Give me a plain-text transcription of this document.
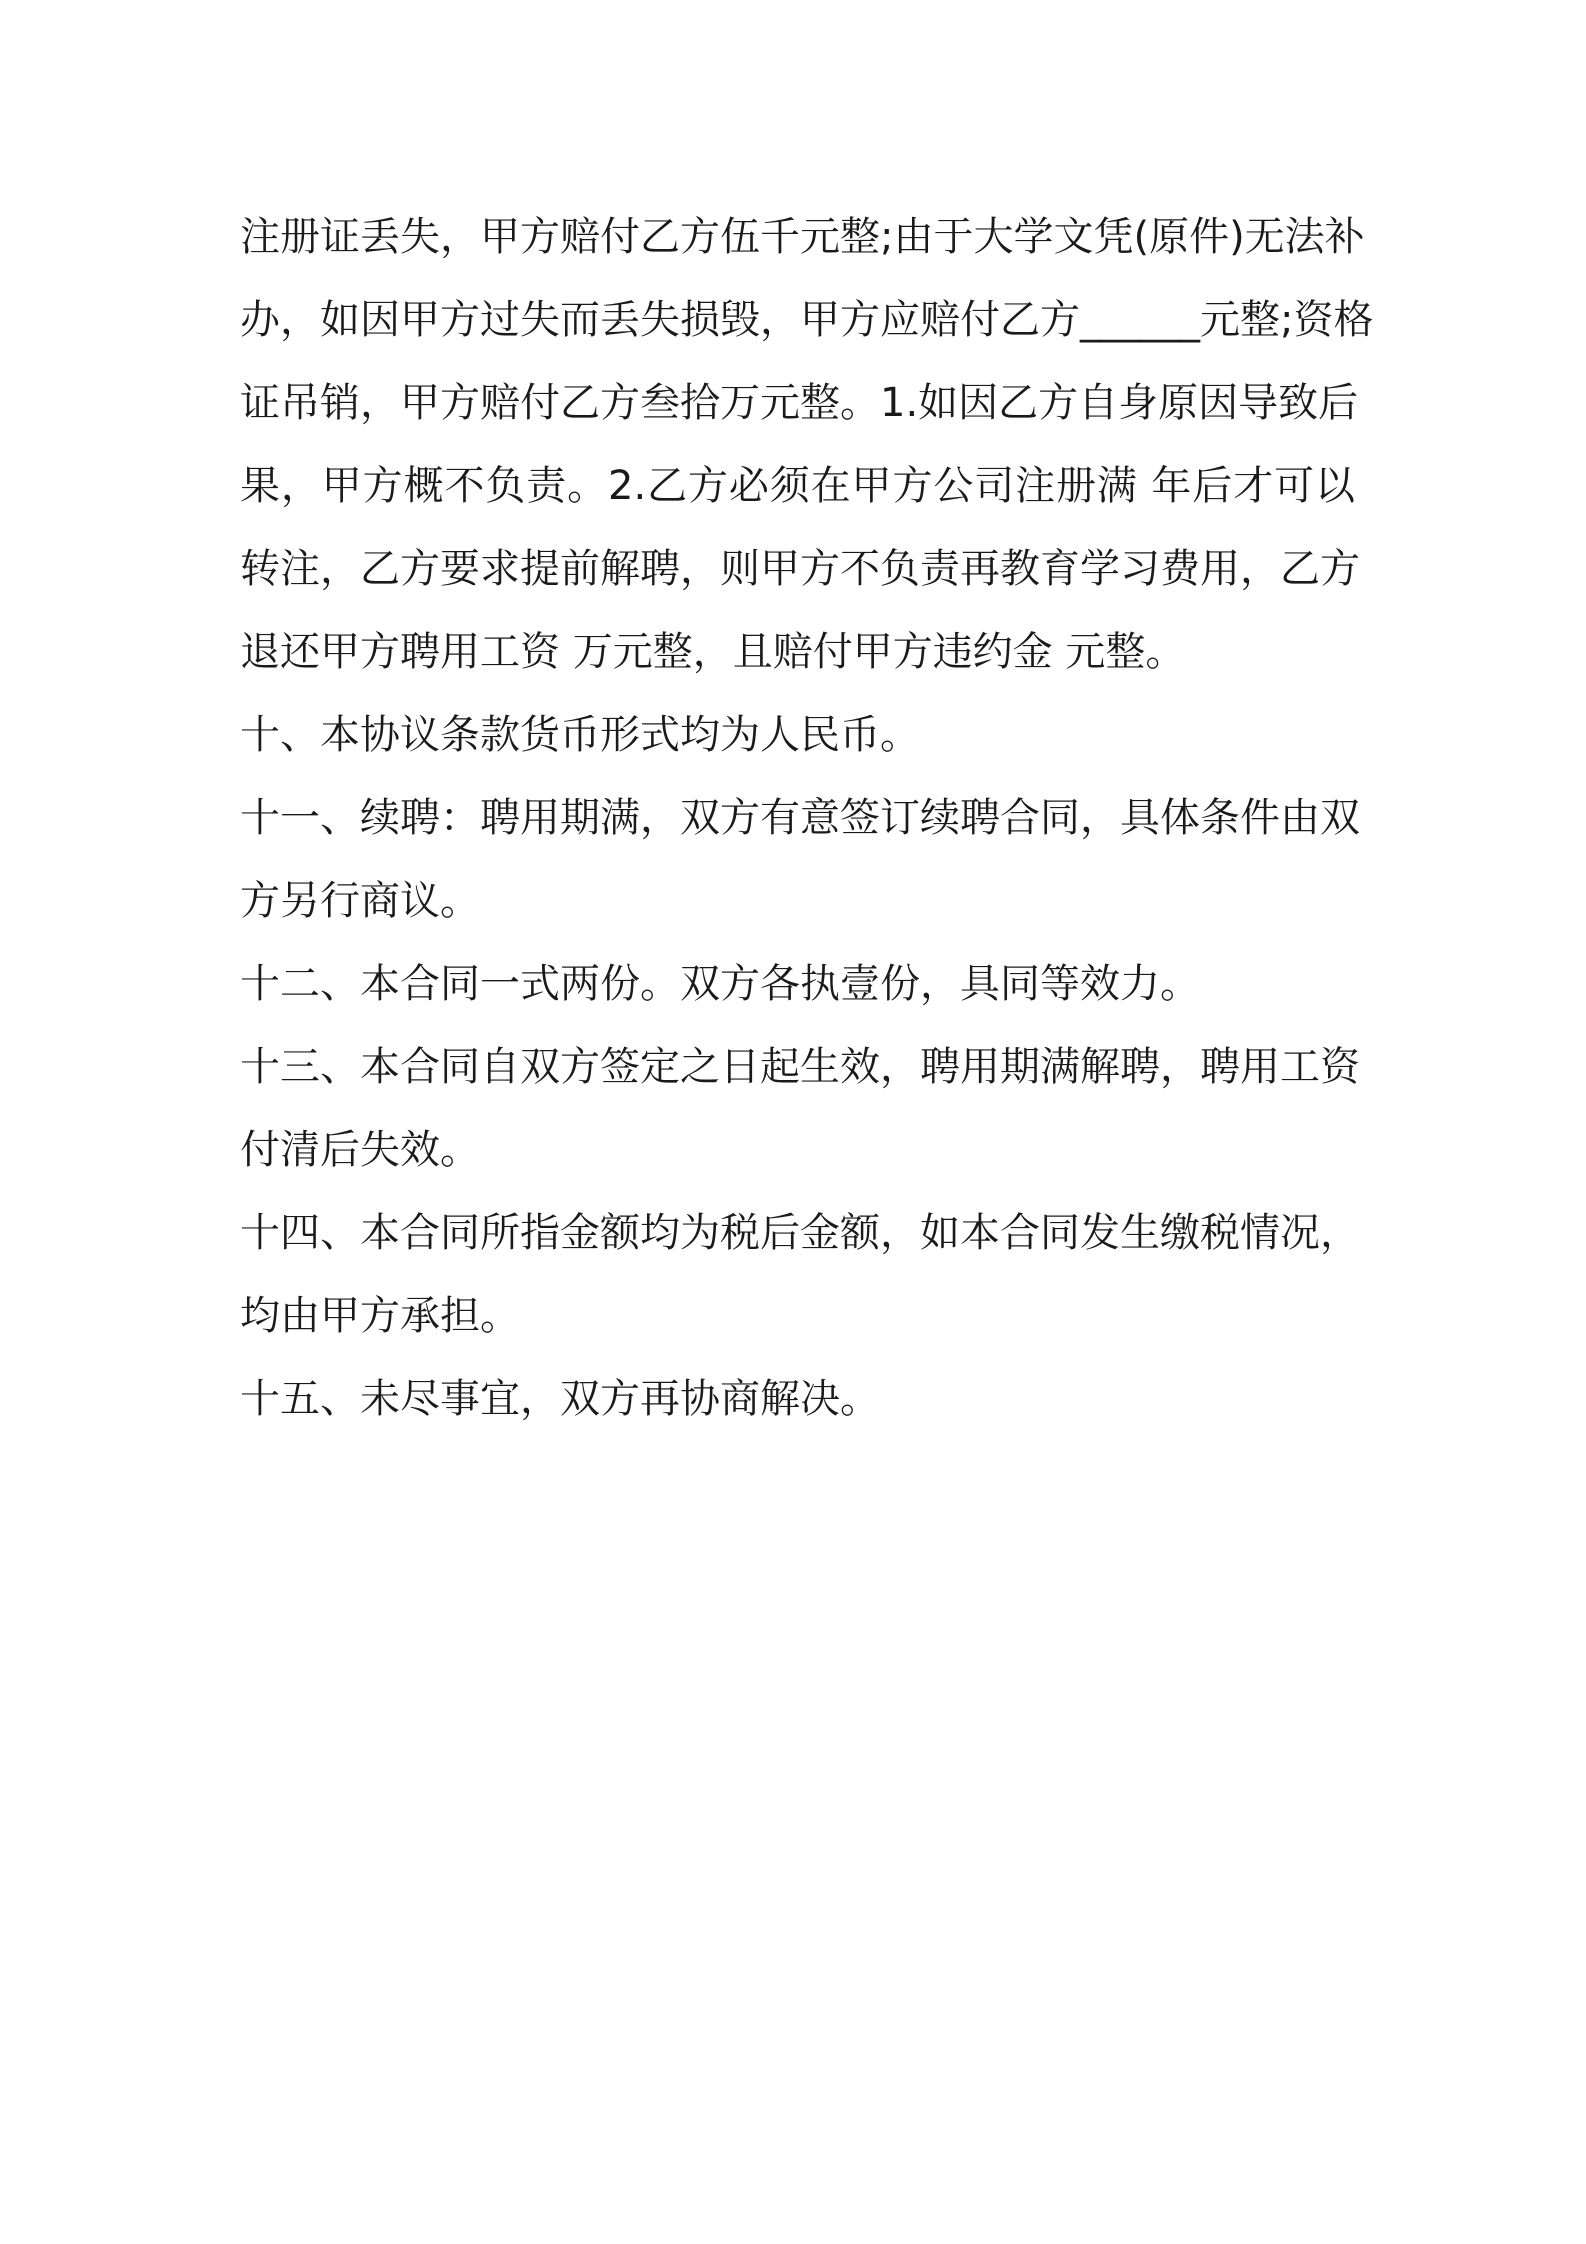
注册证丢失，甲方赔付乙方伍千元整;由于大学文凭(原件)无法补
办，如因甲方过失而丢失损毁，甲方应赔付乙方______元整;资格
证吊销，甲方赔付乙方叁拾万元整。1.如因乙方自身原因导致后
果，甲方概不负责。2.乙方必须在甲方公司注册满 年后才可以
转注，乙方要求提前解聘，则甲方不负责再教育学习费用，乙方
退还甲方聘用工资 万元整，且赔付甲方违约金 元整。
十、本协议条款货币形式均为人民币。
十一、续聘：聘用期满，双方有意签订续聘合同，具体条件由双
方另行商议。
十二、本合同一式两份。双方各执壹份，具同等效力。
十三、本合同自双方签定之日起生效，聘用期满解聘，聘用工资
付清后失效。
十四、本合同所指金额均为税后金额，如本合同发生缴税情况，
均由甲方承担。
十五、未尽事宜，双方再协商解决。
